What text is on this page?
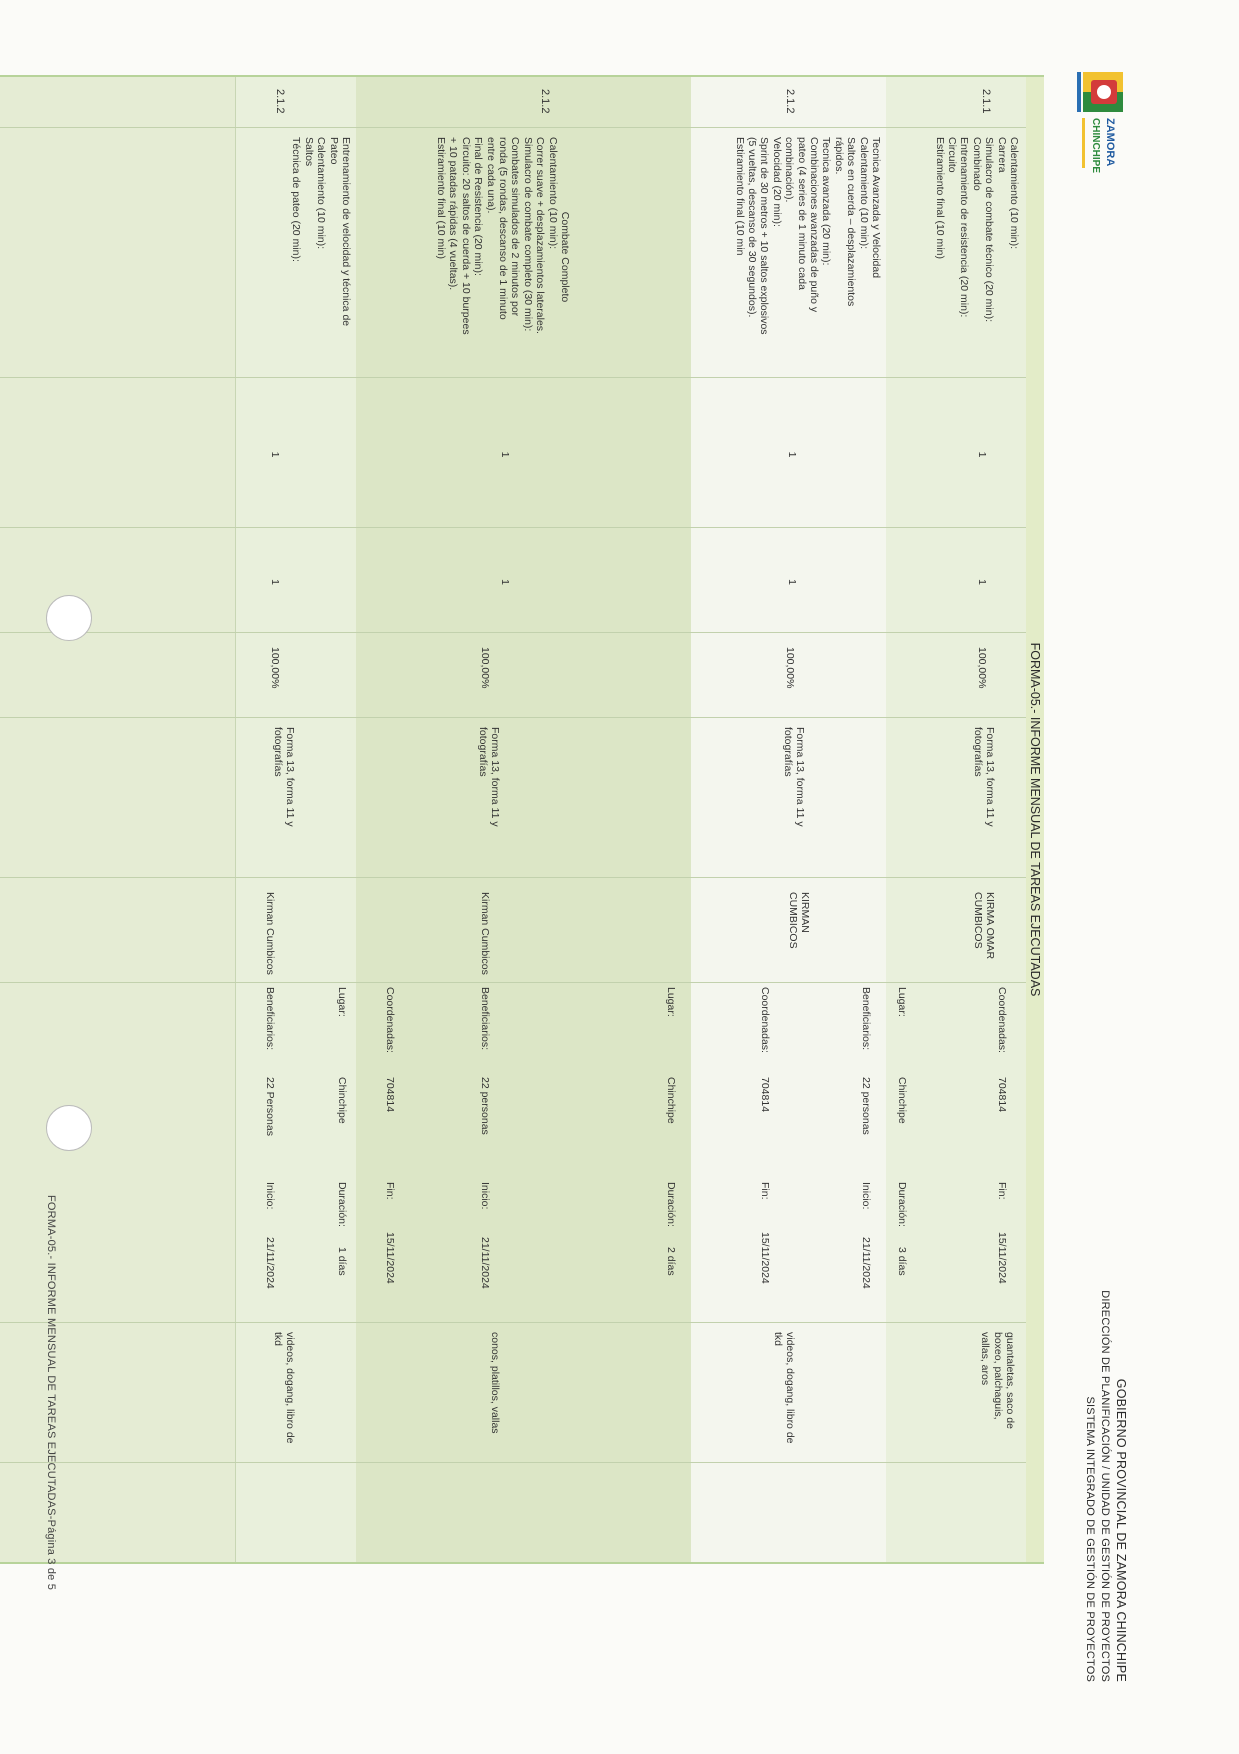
ZAMORA
CHINCHIPE
GOBIERNO PROVINCIAL DE ZAMORA CHINCHIPE
DIRECCIÓN DE PLANIFICACIÓN / UNIDAD DE GESTIÓN DE PROYECTOS
SISTEMA INTEGRADO DE GESTIÓN DE PROYECTOS
FORMA-05.- INFORME MENSUAL DE TAREAS EJECUTADAS
2.1.1
Calentamiento (10 min):
Carrera
Simulacro de combate técnico (20 min):
Combinado
Entrenamiento de resistencia (20 min):
Circuito
Estiramiento final (10 min)
1
1
100,00%
Forma 13, forma 11 y fotografías
KIRMA OMAR CUMBICOS
Coordenadas:
704814
Fin:
15/11/2024
Lugar:
Chinchipe
Duración:
3 días
guantaletas, saco de boxeo, palchaguis, vallas, aros
2.1.2
Tecnica Avanzada y Velocidad
Calentamiento (10 min):
Saltos en cuerda – desplazamientos
rápidos.
Tecnica avanzada (20 min):
Combinaciones avanzadas de puño y
pateo (4 series de 1 minuto cada
combinación).
Velocidad (20 min):
Sprint de 30 metros + 10 saltos explosivos
(5 vueltas, descanso de 30 segundos).
Estiramiento final (10 min
1
1
100,00%
Forma 13, forma 11 y fotografías
KIRMAN CUMBICOS
Beneficiarios:
22 personas
Inicio:
21/11/2024
Coordenadas:
704814
Fin:
15/11/2024
videos, dogang, libro de tkd
Lugar:
Chinchipe
Duración:
2 días
2.1.2
Combate Completo
Calentamiento (10 min):
Correr suave + desplazamientos laterales.
Simulacro de combate completo (30 min):
Combates simulados de 2 minutos por
ronda (5 rondas, descanso de 1 minuto
entre cada una).
Final de Resistencia (20 min):
Circuito: 20 saltos de cuerda + 10 burpees
+ 10 patadas rápidas (4 vueltas).
Estiramiento final (10 min)
1
1
100,00%
Forma 13, forma 11 y fotografías
Kirman Cumbicos
Beneficiarios:
22 personas
Inicio:
21/11/2024
Coordenadas:
704814
Fin:
15/11/2024
conos, platillos, vallas
Lugar:
Chinchipe
Duración:
1 días
Entrenamiento de velocidad y técnica de
Pateo
Calentamiento (10 min):
Saltos
Técnica de pateo (20 min):
2.1.2
1
1
100,00%
Forma 13, forma 11 y fotografías
Kirman Cumbicos
Beneficiarios:
22 Personas
Inicio:
21/11/2024
videos, dogang, libro de tkd
FORMA-05.- INFORME MENSUAL DE TAREAS EJECUTADAS-Página 3 de 5
